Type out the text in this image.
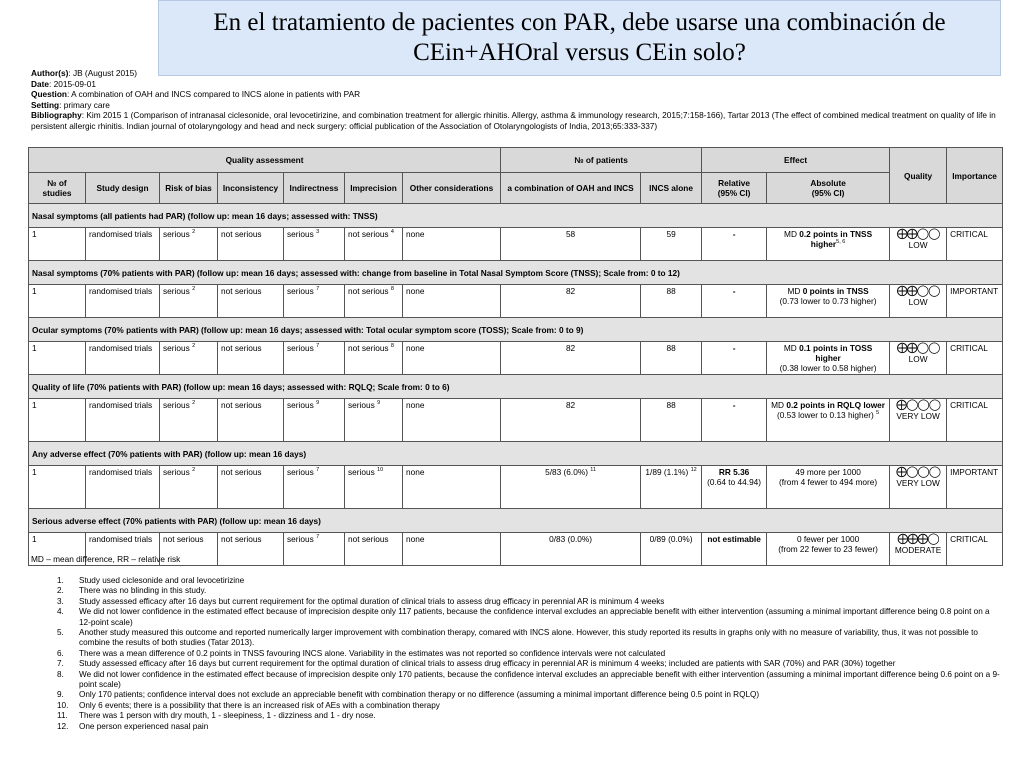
En el tratamiento de pacientes con PAR, debe usarse una combinación de
CEin+AHOral versus CEin solo?
Author(s): JB (August 2015)
Date: 2015-09-01
Question: A combination of OAH and INCS compared to INCS alone in patients with PAR
Setting: primary care
Bibliography: Kim 2015 1 (Comparison of intranasal ciclesonide, oral levocetirizine, and combination treatment for allergic rhinitis. Allergy, asthma & immunology research, 2015;7:158-166), Tartar 2013 (The effect of combined medical treatment on quality of life in persistent allergic rhinitis. Indian journal of otolaryngology and head and neck surgery: official publication of the Association of Otolaryngologists of India, 2013;65:333-337)
Quality assessment							№ of patients		Effect		Quality	Importance
№ of studies	Study design	Risk of bias	Inconsistency	Indirectness	Imprecision	Other considerations	a combination of OAH and INCS	INCS alone	Relative
(95% CI)	Absolute
(95% CI)		
Nasal symptoms (all patients had PAR) (follow up: mean 16 days; assessed with: TNSS)												
1	randomised trials	serious $^2$	not serious	serious $^3$	not serious $^4$	none	58	59	-	MD 0.2 points in TNSS higher$^{5, 6}$	⨁⨁◯◯
LOW	CRITICAL
Nasal symptoms (70% patients with PAR) (follow up: mean 16 days; assessed with: change from baseline in Total Nasal Symptom Score (TNSS); Scale from: 0 to 12)												
1	randomised trials	serious $^2$	not serious	serious $^7$	not serious $^8$	none	82	88	-	MD 0 points in TNSS
(0.73 lower to 0.73 higher)	⨁⨁◯◯
LOW	IMPORTANT
Ocular symptoms (70% patients with PAR) (follow up: mean 16 days; assessed with: Total ocular symptom score (TOSS); Scale from: 0 to 9)												
1	randomised trials	serious $^2$	not serious	serious $^7$	not serious $^8$	none	82	88	-	MD 0.1 points in TOSS higher
(0.38 lower to 0.58 higher)	⨁⨁◯◯
LOW	CRITICAL
Quality of life (70% patients with PAR) (follow up: mean 16 days; assessed with: RQLQ; Scale from: 0 to 6)												
1	randomised trials	serious $^2$	not serious	serious $^9$	serious $^9$	none	82	88	-	MD 0.2 points in RQLQ lower
(0.53 lower to 0.13 higher) $^5$	⨁◯◯◯
VERY LOW	CRITICAL
Any adverse effect (70% patients with PAR) (follow up: mean 16 days)												
1	randomised trials	serious $^2$	not serious	serious $^7$	serious $^{10}$	none	5/83 (6.0%) $^{11}$	1/89 (1.1%) $^{12}$	RR 5.36
(0.64 to 44.94)	49 more per 1000
(from 4 fewer to 494 more)	⨁◯◯◯
VERY LOW	IMPORTANT
Serious adverse effect (70% patients with PAR) (follow up: mean 16 days)												
1	randomised trials	not serious	not serious	serious $^7$	not serious	none	0/83 (0.0%)	0/89 (0.0%)	not estimable	0 fewer per 1000
(from 22 fewer to 23 fewer)	⨁⨁⨁◯
MODERATE	CRITICAL
MD – mean difference, RR – relative risk
1.	Study used ciclesonide and oral levocetirizine
2.	There was no blinding in this study.
3.	Study assessed efficacy after 16 days but current requirement for the optimal duration of clinical trials to assess drug efficacy in perennial AR is minimum 4 weeks
4.	We did not lower confidence in the estimated effect because of imprecision despite only 117 patients, because the confidence interval excludes an appreciable benefit with either intervention (assuming a minimal important difference being 0.8 point on a 12-point scale)
5.	Another study measured this outcome and reported numerically larger improvement with combination therapy, comared with INCS alone. However, this study reported its results in graphs only with no measure of variability, thus, it was not possible to combine the results of both studies (Tatar 2013).
6.	There was a mean difference of 0.2 points in TNSS favouring INCS alone. Variability in the estimates was not reported so confidence intervals were not calculated
7.	Study assessed efficacy after 16 days but current requirement for the optimal duration of clinical trials to assess drug efficacy in perennial AR is minimum 4 weeks; included are patients with SAR (70%) and PAR (30%) together
8.	We did not lower confidence in the estimated effect because of imprecision despite only 170 patients, because the confidence interval excludes an appreciable benefit with either intervention (assuming a minimal important difference being 0.6 point on a 9-point scale)
9.	Only 170 patients; confidence interval does not exclude an appreciable benefit with combination therapy or no difference (assuming a minimal important difference being 0.5 point in RQLQ)
10.	Only 6 events; there is a possibility that there is an increased risk of AEs with a combination therapy
11.	There was 1 person with dry mouth, 1 - sleepiness, 1 - dizziness and 1 - dry nose.
12.	One person experienced nasal pain
